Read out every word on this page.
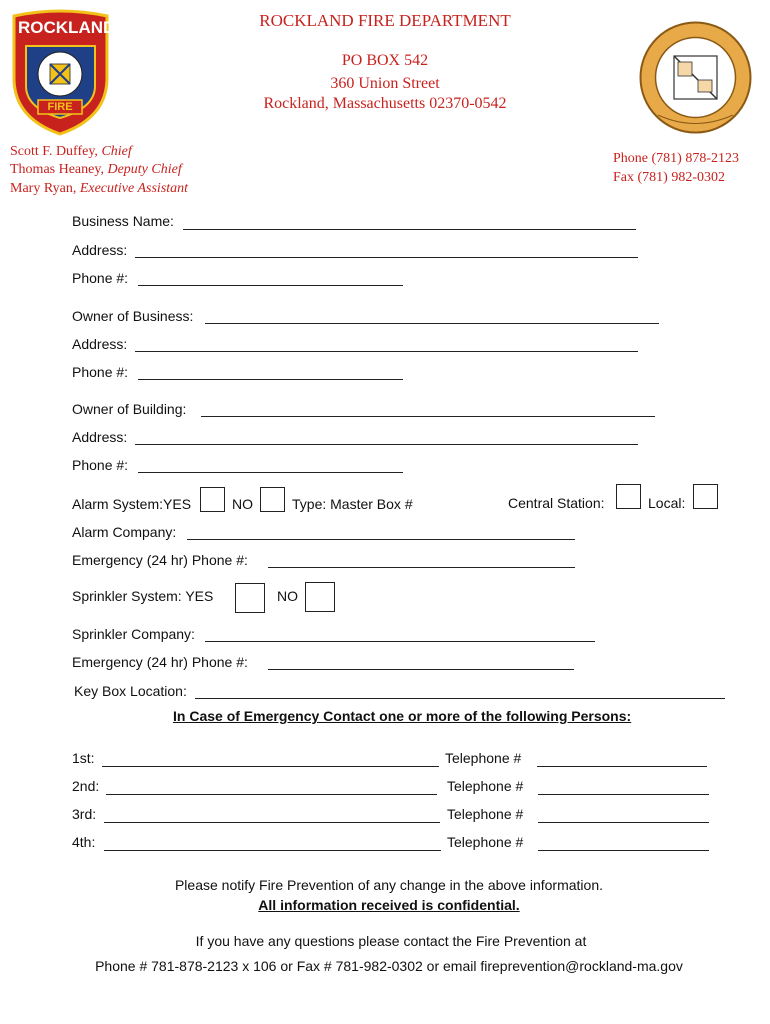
ROCKLAND
FIRE
ROCKLAND FIRE DEPARTMENT
PO BOX 542
360 Union Street
Rockland, Massachusetts 02370-0542
Scott F. Duffey, Chief
Thomas Heaney, Deputy Chief
Mary Ryan, Executive Assistant
Phone (781) 878-2123
Fax (781) 982-0302
Business Name:
Address:
Phone #:
Owner of Business:
Address:
Phone #:
Owner of Building:
Address:
Phone #:
Alarm System:YES	NO	Type: Master Box #	Central Station:	Local:
Alarm Company:
Emergency (24 hr) Phone #:
Sprinkler System: YES	NO
Sprinkler Company:
Emergency (24 hr) Phone #:
Key Box Location:
In Case of Emergency Contact one or more of the following Persons:
1st:	Telephone #
2nd:	Telephone #
3rd:	Telephone #
4th:	Telephone #
Please notify Fire Prevention of any change in the above information.
All information received is confidential.
If you have any questions please contact the Fire Prevention at
Phone # 781-878-2123 x 106 or Fax # 781-982-0302 or email fireprevention@rockland-ma.gov
